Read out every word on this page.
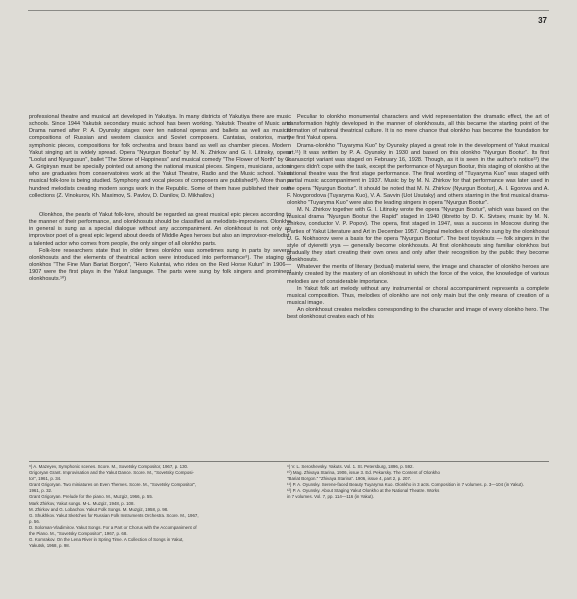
37

professional theatre and musical art developed in Yakutiya. In many districts of Yakutiya there are music schools. Since 1944 Yakutsk secondary music school has been working. Yakutsk Theatre of Music and Drama named after P. A. Oyunsky stages over ten national operas and ballets as well as musical compositions of Russian and western classics and Soviet composers. Cantatas, oratorios, many symphonic pieces, compositions for folk orchestra and brass band as well as chamber pieces. Modern Yakut singing art is widely spread. Opera "Nyurgun Bootur" by M. N. Zhirkov and G. I. Litinsky, opera "Loolut and Nyurgusun", ballet "The Stone of Happiness" and musical comedy "The Flower of North" by G. A. Grigiryan must be specially pointed out among the national musical pieces. Singers, musicians, actors who are graduates from conservatoires work at the Yakut Theatre, Radio and the Music school. Yakut musical folk-lore is being studied. Symphony and vocal pieces of composers are published⁸). More than a hundred melodists creating modern songs work in the Republic. Some of them have published their own collections (Z. Vinokurov, Kh. Maximov, S. Pavlov, D. Danilov, D. Mikhailov.)

Olonkhos, the pearls of Yakut folk-lore, should be regarded as great musical epic pieces according to the manner of their performance, and olonkhosuts should be classified as melodists-improvisers. Olonkho in general is sung as a special dialogue without any accompaniment. An olonkhosut is not only an improvisor poet of a great epic legend about deeds of Middle Ages heroes but also an improvisor-melodist, a talented actor who comes from people, the only singer of all olonkho parts.

Folk-lore researchers state that in older times olonkho was sometimes sung in parts by several olonkhosuts and the elements of theatrical action were introduced into performance⁹). The staging of olonkhos "The Fine Man Bariat Borgon", "Hero Kuluntai, who rides on the Red Horse Kulun" in 1906—1907 were the first plays in the Yakut language. The parts were sung by folk singers and prominent olonkhosuts.¹⁰)

Peculiar to olonkho monumental characters and vivid representation the dramatic effect, the art of transformation highly developed in the manner of olonkhosuts, all this became the starting point of the formation of national theatrical culture. It is no mere chance that olonkho has become the foundation for the first Yakut opera.

Drama-olonkho "Tuyaryma Kuo" by Oyunsky played a great role in the development of Yakut musical art.¹¹) It was written by P. A. Oyunsky in 1930 and based on this olonkho "Nyurgun Bootur". Its first manuscript variant was staged on February 16, 1928. Though, as it is seen in the author's notice¹²) the singers didn't cope with the task, except the performance of Nyurgun Bootur, this staging of olonkho at the national theatre was the first stage performance. The final wording of "Tuyaryma Kuo" was staged with partial music accompaniment in 1937. Music by by M. N. Zhirkov for that performance was later used in the opera "Nyurgun Bootur". It should be noted that M. N. Zhirkov (Nyurgun Bootur), A. I. Egorova and A. F. Novgorodova (Tuyaryma Kuo), V. A. Savvin (Uot Usutaky) and others starring in the first musical drama-olonkho "Tuyaryma Kuo" were also the leading singers in opera "Nyurgun Bootur".

M. N. Zhirkov together with G. I. Litinsky wrote the opera "Nyurgun Bootur", which was based on the musical drama "Nyurgun Bootur the Rapid" staged in 1940 (libretto by D. K. Sivtsev, music by M. N. Zhirkov, conductor V. P. Popov). The opera, first staged in 1947, was a success in Moscow during the Parties of Yakut Literature and Art in December 1957. Original melodies of olonkho sung by the olonkhosut U. G. Nokhsorov were a basis for the opera "Nyurgun Bootur". The best toyuksuts — folk singers in the style of dyieretti yrya — generally become olonkhosuts. At first olonkhosuts sing familiar olonkhos but gradually they start creating their own ones and only after their recognition by the public they become olonkhosuts.

Whatever the merits of literary (textual) material were, the image and character of olonkho heroes are mainly created by the mastery of an olonkhosut in which the force of the voice, the knowledge of various melodies are of considerable importance.

In Yakut folk art melody without any instrumental or choral accompaniment represents a complete musical composition. Thus, melodies of olonkho are not only main but the only means of creation of a musical image.

An olonkhosut creates melodies corresponding to the character and image of every olonkho hero. The best olonkhosut creates each of his

⁸) A. Mazeyev, Symphonic scenes. Score. M., Sovetsky Compositor, 1967, p. 130.
Grigoryan Grant. Improvisation and the Yakut Dance. Score. M., "Sovetsky Composi-
tor", 1961, p. 34.
Grant Grigoryan. Two miniatures on Even Themes. Score. M., "Sovetsky Compositor",
1961, p. 32.
Grant Grigoryan. Prelude for the piano. M., Muzgiz, 1966, p. 55.
Mark Zhirkov, Yakut songs. M-L. Muzgiz, 1948, p. 108.
M. Zhirkov and G. Lobachov. Yakut Folk Songs. M. Muzgiz, 1958, p. 98.
G. Shukhkov. Yakut Sketches for Russian Folk Instruments Orchestra. Score. M., 1967,
p. 56.
D. Soloman-Vladimirov. Yakut Songs. For a Part or Chorus with the Accompaniment of
the Piano. M., "Sovetsky Compositor", 1967, p. 68.
G. Komrakov. On the Lena River in Spring Time. A Collection of Songs in Yakut,
Yakutsk, 1968, p. 98.
⁹) V. L. Seroshevsky. Yakuts. Vol. 1. St. Petersburg, 1896, p. 592.
¹⁰) Mag. Zhivaya Starina, 1906, issue 3. Ed. Pekarsky. The Content of Olonkho
"Bariat Borgon." "Zhivaya Starina". 1906, issue 4, part 2, p. 207.
¹¹) P. A. Oyunsky. Serene-faced Beauty Tuyaryma Kuo. Olonkho in 3 acts. Composition in 7 volumes. p. 3—104 (in Yakut).
¹²) P. A. Oyunsky. About Staging Yakut Olonkho at the National Theatre. Works
in 7 volumes. Vol. 7, pp. 114—116 (in Yakut).
